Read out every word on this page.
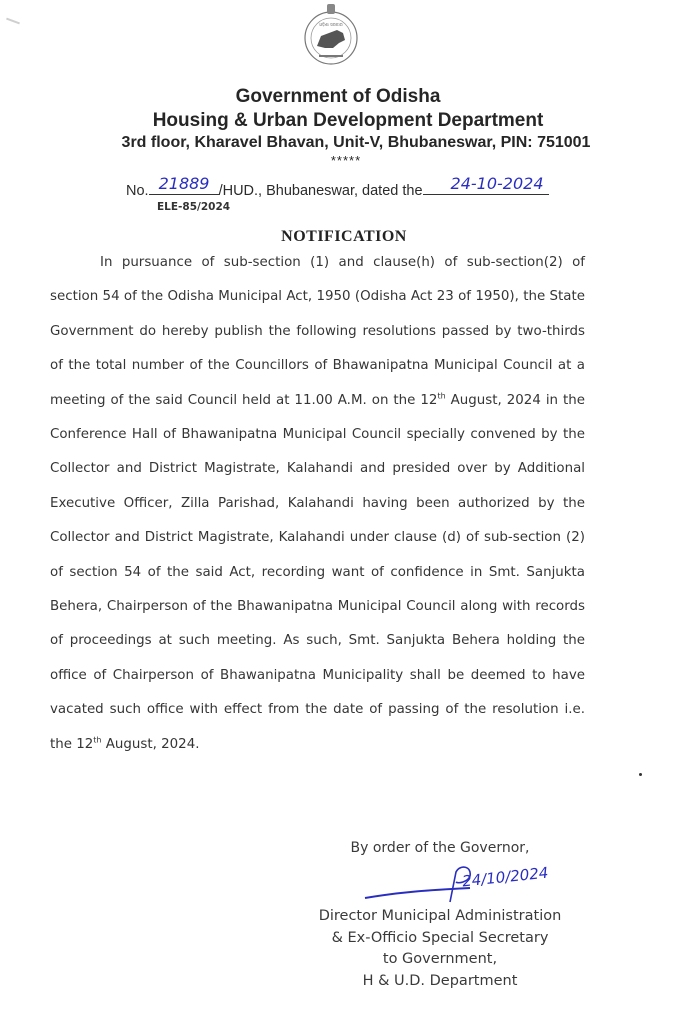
ଓଡ଼ିଶା ସରକାର
Government of Odisha
Housing & Urban Development Department
3rd floor, Kharavel Bhavan, Unit-V, Bhubaneswar, PIN: 751001
*****
No. 21889 /HUD., Bhubaneswar, dated the 24-10-2024
ELE-85/2024
NOTIFICATION
In pursuance of sub-section (1) and clause(h) of sub-section(2) of section 54 of the Odisha Municipal Act, 1950 (Odisha Act 23 of 1950), the State Government do hereby publish the following resolutions passed by two-thirds of the total number of the Councillors of Bhawanipatna Municipal Council at a meeting of the said Council held at 11.00 A.M. on the 12th August, 2024 in the Conference Hall of Bhawanipatna Municipal Council specially convened by the Collector and District Magistrate, Kalahandi and presided over by Additional Executive Officer, Zilla Parishad, Kalahandi having been authorized by the Collector and District Magistrate, Kalahandi under clause (d) of sub-section (2) of section 54 of the said Act, recording want of confidence in Smt. Sanjukta Behera, Chairperson of the Bhawanipatna Municipal Council along with records of proceedings at such meeting. As such, Smt. Sanjukta Behera holding the office of Chairperson of Bhawanipatna Municipality shall be deemed to have vacated such office with effect from the date of passing of the resolution i.e. the 12th August, 2024.
By order of the Governor,
24/10/2024
Director Municipal Administration
& Ex-Officio Special Secretary
to Government,
H & U.D. Department
